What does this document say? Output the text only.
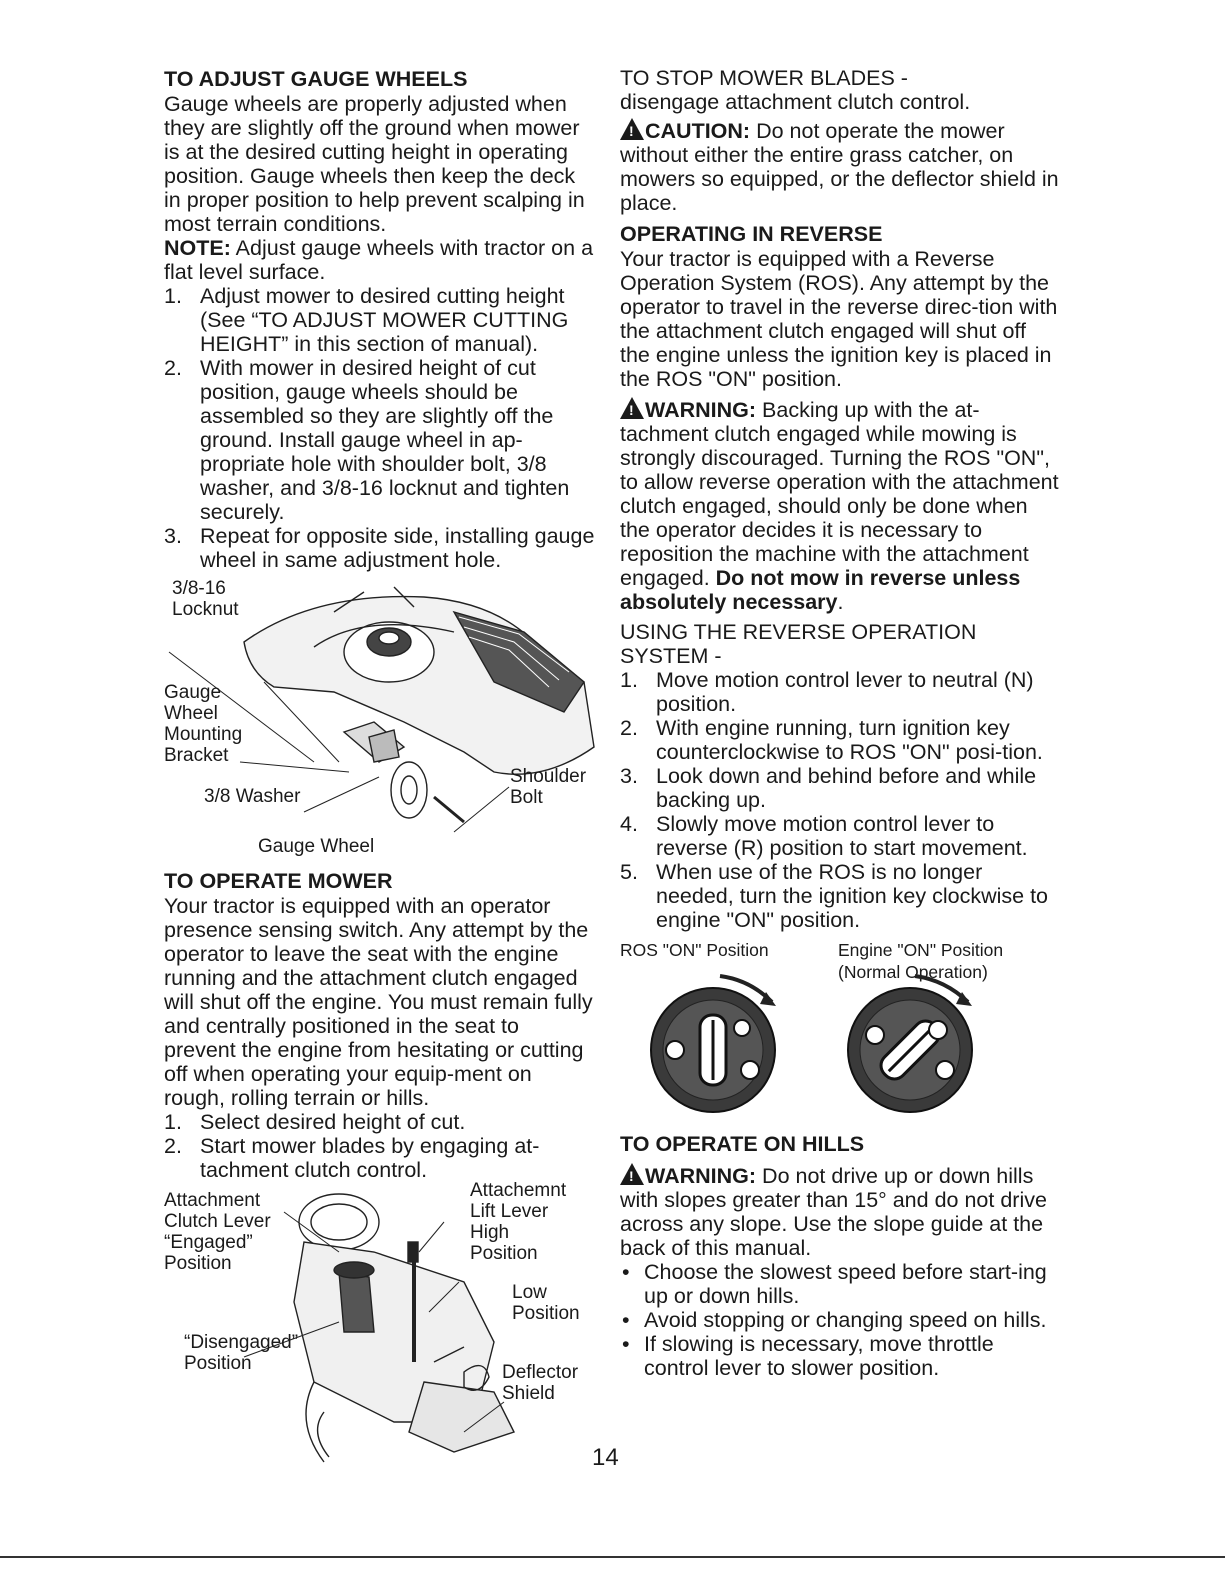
TO ADJUST GAUGE WHEELS

Gauge wheels are properly adjusted when they are slightly off the ground when mower is at the desired cutting height in operating position. Gauge wheels then keep the deck in proper position to help prevent scalping in most terrain conditions.

NOTE: Adjust gauge wheels with tractor on a flat level surface.

1. Adjust mower to desired cutting height (See “TO ADJUST MOWER CUTTING HEIGHT” in this section of manual).
2. With mower in desired height of cut position, gauge wheels should be assembled so they are slightly off the ground. Install gauge wheel in ap-propriate hole with shoulder bolt, 3/8 washer, and 3/8-16 locknut and tighten securely.
3. Repeat for opposite side, installing gauge wheel in same adjustment hole.
3/8-16
Locknut
Gauge
Wheel
Mounting
Bracket
3/8 Washer
Shoulder
Bolt
Gauge Wheel

TO OPERATE MOWER

Your tractor is equipped with an operator presence sensing switch. Any attempt by the operator to leave the seat with the engine running and the attachment clutch engaged will shut off the engine. You must remain fully and centrally positioned in the seat to prevent the engine from hesitating or cutting off when operating your equip-ment on rough, rolling terrain or hills.

1. Select desired height of cut.
2. Start mower blades by engaging at-tachment clutch control.
Attachment
Clutch Lever
“Engaged”
Position
Attachemnt
Lift Lever
High
Position
Low
Position
“Disengaged”
Position	Deflector
Shield

TO STOP MOWER BLADES -

disengage attachment clutch control.

!CAUTION: Do not operate the mower without either the entire grass catcher, on mowers so equipped, or the deflector shield in place.

OPERATING IN REVERSE

Your tractor is equipped with a Reverse Operation System (ROS). Any attempt by the operator to travel in the reverse direc-tion with the attachment clutch engaged will shut off the engine unless the ignition key is placed in the ROS "ON" position.

!WARNING: Backing up with the at-tachment clutch engaged while mowing is strongly discouraged. Turning the ROS "ON", to allow reverse operation with the attachment clutch engaged, should only be done when the operator decides it is necessary to reposition the machine with the attachment engaged. Do not mow in reverse unless absolutely necessary.

USING THE REVERSE OPERATION SYSTEM -

1. Move motion control lever to neutral (N) position.
2. With engine running, turn ignition key counterclockwise to ROS "ON" posi-tion.
3. Look down and behind before and while backing up.
4. Slowly move motion control lever to reverse (R) position to start movement.
5. When use of the ROS is no longer needed, turn the ignition key clockwise to engine "ON" position.
ROS "ON" Position	Engine "ON" Position
(Normal Operation)

TO OPERATE ON HILLS

!WARNING: Do not drive up or down hills with slopes greater than 15° and do not drive across any slope. Use the slope guide at the back of this manual.

• Choose the slowest speed before start-ing up or down hills.
• Avoid stopping or changing speed on hills.
• If slowing is necessary, move throttle control lever to slower position.
14
